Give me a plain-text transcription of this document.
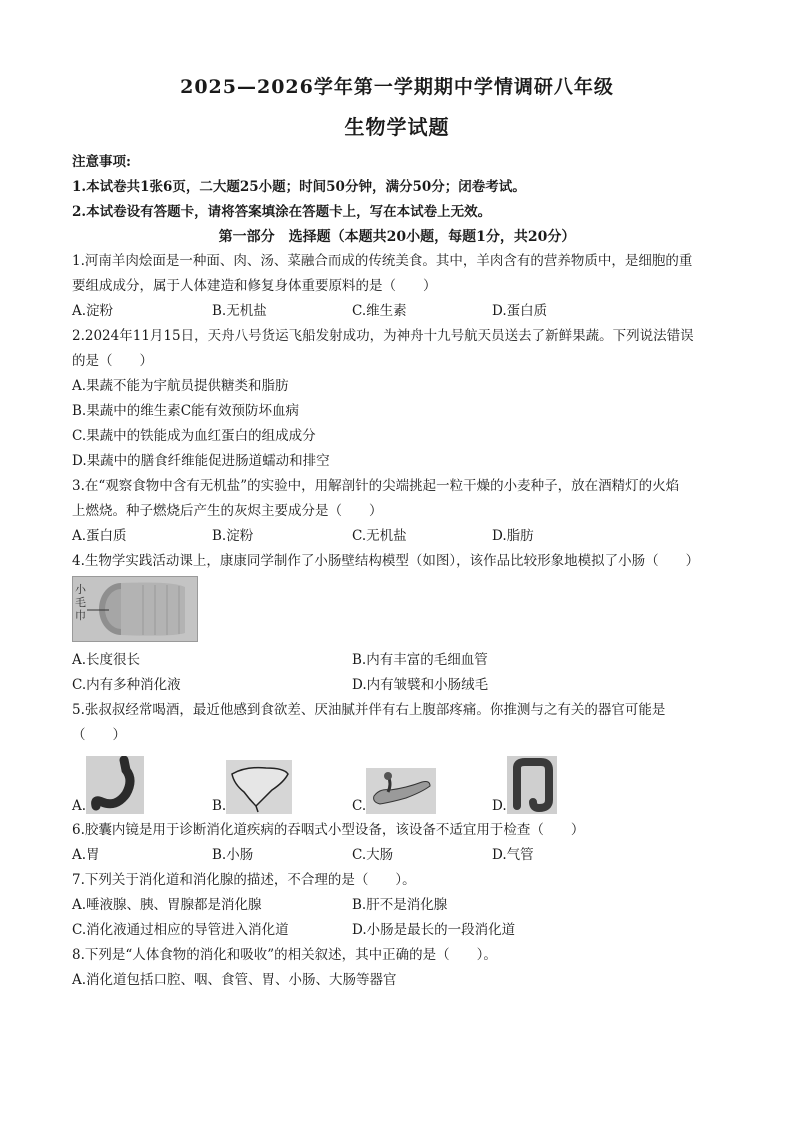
2025—2026学年第一学期期中学情调研八年级
生物学试题
注意事项:
1.本试卷共1张6页，二大题25小题；时间50分钟，满分50分；闭卷考试。
2.本试卷设有答题卡，请将答案填涂在答题卡上，写在本试卷上无效。
第一部分　选择题（本题共20小题，每题1分，共20分）
1.河南羊肉烩面是一种面、肉、汤、菜融合而成的传统美食。其中，羊肉含有的营养物质中，是细胞的重
要组成成分，属于人体建造和修复身体重要原料的是（　　）
A.淀粉	B.无机盐	C.维生素	D.蛋白质
2.2024年11月15日，天舟八号货运飞船发射成功，为神舟十九号航天员送去了新鲜果蔬。下列说法错误
的是（　　）
A.果蔬不能为宇航员提供糖类和脂肪
B.果蔬中的维生素C能有效预防坏血病
C.果蔬中的铁能成为血红蛋白的组成成分
D.果蔬中的膳食纤维能促进肠道蠕动和排空
3.在“观察食物中含有无机盐”的实验中，用解剖针的尖端挑起一粒干燥的小麦种子，放在酒精灯的火焰
上燃烧。种子燃烧后产生的灰烬主要成分是（　　）
A.蛋白质	B.淀粉	C.无机盐	D.脂肪
4.生物学实践活动课上，康康同学制作了小肠壁结构模型（如图），该作品比较形象地模拟了小肠（　　）
小毛巾
A.长度很长	B.内有丰富的毛细血管
C.内有多种消化液	D.内有皱襞和小肠绒毛
5.张叔叔经常喝酒，最近他感到食欲差、厌油腻并伴有右上腹部疼痛。你推测与之有关的器官可能是
（　　）
A.	B.	C.	D.
6.胶囊内镜是用于诊断消化道疾病的吞咽式小型设备，该设备不适宜用于检查（　　）
A.胃	B.小肠	C.大肠	D.气管
7.下列关于消化道和消化腺的描述，不合理的是（　　）。
A.唾液腺、胰、胃腺都是消化腺	B.肝不是消化腺
C.消化液通过相应的导管进入消化道	D.小肠是最长的一段消化道
8.下列是“人体食物的消化和吸收”的相关叙述，其中正确的是（　　）。
A.消化道包括口腔、咽、食管、胃、小肠、大肠等器官
